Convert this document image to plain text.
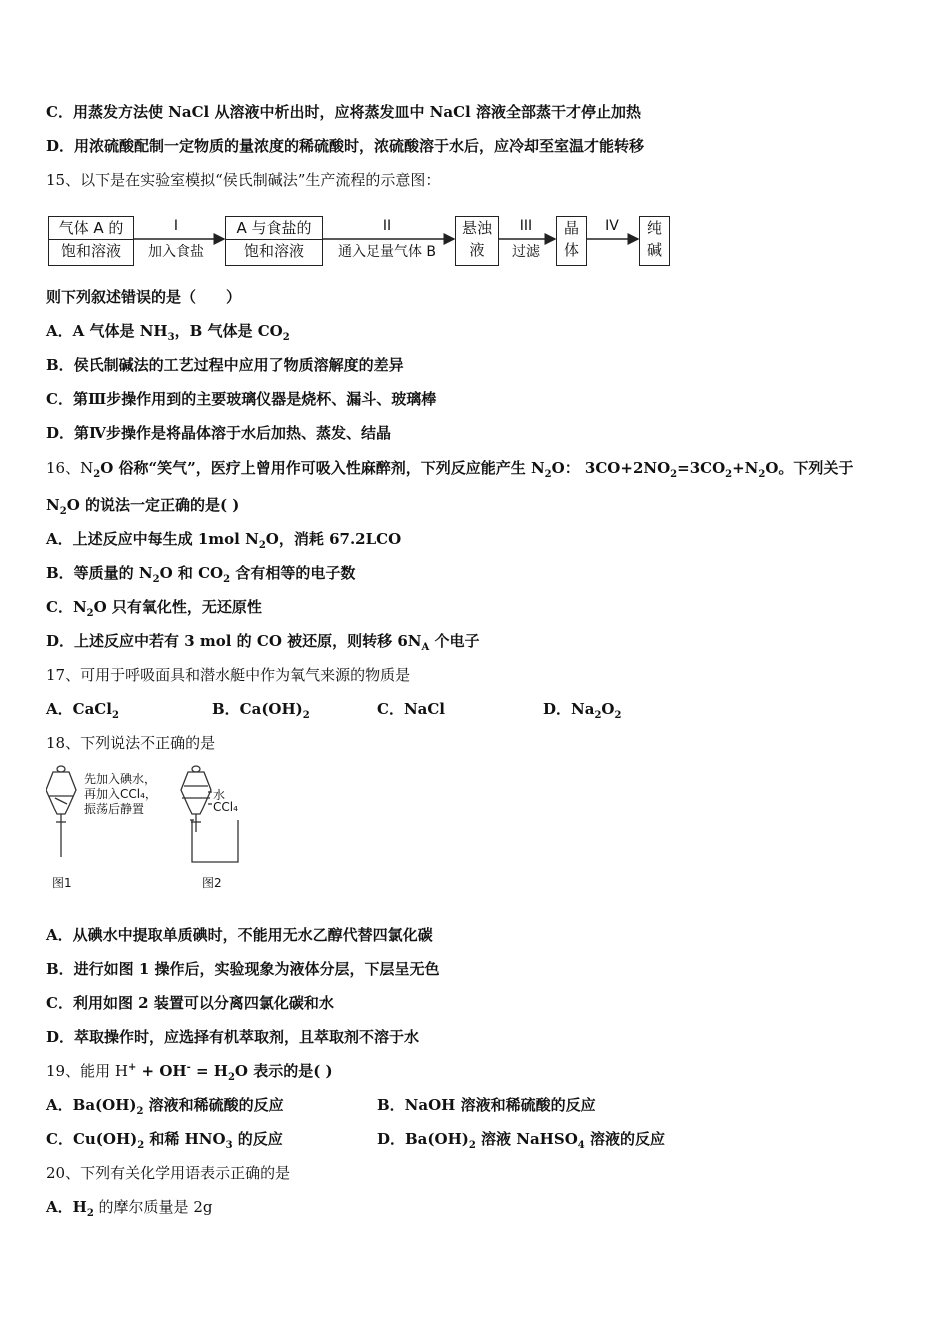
C．用蒸发方法使 NaCl 从溶液中析出时，应将蒸发皿中 NaCl 溶液全部蒸干才停止加热
D．用浓硫酸配制一定物质的量浓度的稀硫酸时，浓硫酸溶于水后，应冷却至室温才能转移
15、以下是在实验室模拟“侯氏制碱法”生产流程的示意图：
气体 A 的
饱和溶液
I
加入食盐
A 与食盐的
饱和溶液
II
通入足量气体 B
悬浊
液
III
过滤
晶
体
IV	纯
碱
则下列叙述错误的是（　　）
A．A 气体是 $NH_3$，B 气体是 $CO_2$
B．侯氏制碱法的工艺过程中应用了物质溶解度的差异
C．第Ⅲ步操作用到的主要玻璃仪器是烧杯、漏斗、玻璃棒
D．第Ⅳ步操作是将晶体溶于水后加热、蒸发、结晶
16、$N_2O$ 俗称“笑气”，医疗上曾用作可吸入性麻醉剂，下列反应能产生 $N_2O$： $3CO+2NO_2=3CO_2+N_2O$。下列关于
$N_2O$ 的说法一定正确的是( )
A．上述反应中每生成 1mol $N_2O$，消耗 67.2LCO
B．等质量的 $N_2O$ 和 $CO_2$ 含有相等的电子数
C．$N_2O$ 只有氧化性，无还原性
D．上述反应中若有 3 mol 的 CO 被还原，则转移 $6N_A$ 个电子
17、可用于呼吸面具和潜水艇中作为氧气来源的物质是
A．CaCl$_2$	B．$Ca(OH)_2$	C．NaCl	D．$Na_2O_2$
18、下列说法不正确的是
先加入碘水，
再加入CCl₄，
振荡后静置
水
CCl₄
图1	图2
A．从碘水中提取单质碘时，不能用无水乙醇代替四氯化碳
B．进行如图 1 操作后，实验现象为液体分层，下层呈无色
C．利用如图 2 装置可以分离四氯化碳和水
D．萃取操作时，应选择有机萃取剂，且萃取剂不溶于水
19、能用 $H^+ + OH^- = H_2O$ 表示的是( )
A．$Ba(OH)_2$ 溶液和稀硫酸的反应	B．NaOH 溶液和稀硫酸的反应
C．$Cu(OH)_2$ 和稀 $HNO_3$ 的反应	D．$Ba(OH)_2$ 溶液 NaHSO$_4$ 溶液的反应
20、下列有关化学用语表示正确的是
A．$H_2$ 的摩尔质量是 2g
